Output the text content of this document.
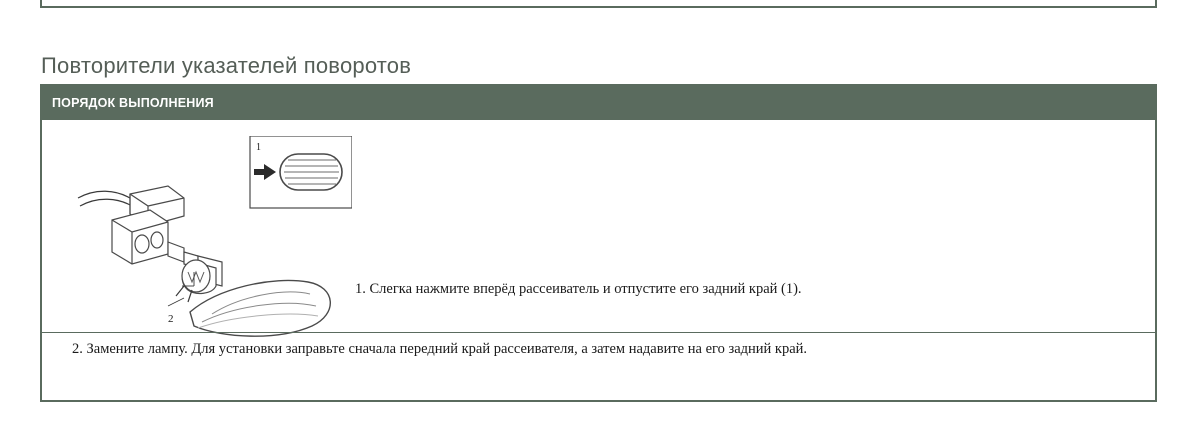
Повторители указателей поворотов
ПОРЯДОК ВЫПОЛНЕНИЯ
1
2
1. Слегка нажмите вперёд рассеиватель и отпустите его задний край (1).
2. Замените лампу. Для установки заправьте сначала передний край рассеивателя, а затем надавите на его задний край.
